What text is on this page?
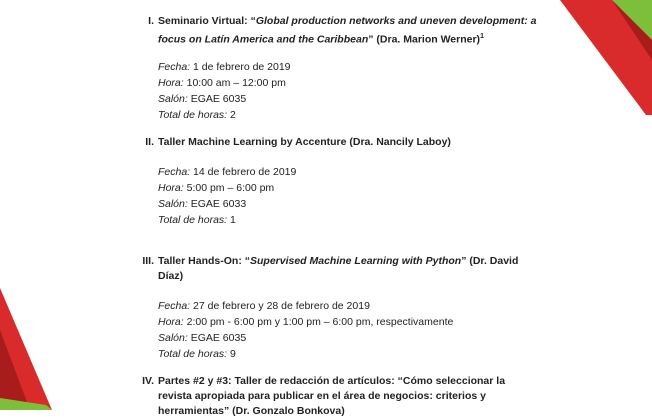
I. Seminario Virtual: “Global production networks and uneven development: a focus on Latín America and the Caribbean” (Dra. Marion Werner)$^1$
Fecha: 1 de febrero de 2019
Hora: 10:00 am – 12:00 pm
Salón: EGAE 6035
Total de horas: 2
II. Taller Machine Learning by Accenture (Dra. Nancily Laboy)
Fecha: 14 de febrero de 2019
Hora: 5:00 pm – 6:00 pm
Salón: EGAE 6033
Total de horas: 1
III. Taller Hands-On: “Supervised Machine Learning with Python” (Dr. David Díaz)
Fecha: 27 de febrero y 28 de febrero de 2019
Hora: 2:00 pm - 6:00 pm y 1:00 pm – 6:00 pm, respectivamente
Salón: EGAE 6035
Total de horas: 9
IV. Partes #2 y #3: Taller de redacción de artículos: “Cómo seleccionar la revista apropiada para publicar en el área de negocios: criterios y herramientas” (Dr. Gonzalo Bonkova)
